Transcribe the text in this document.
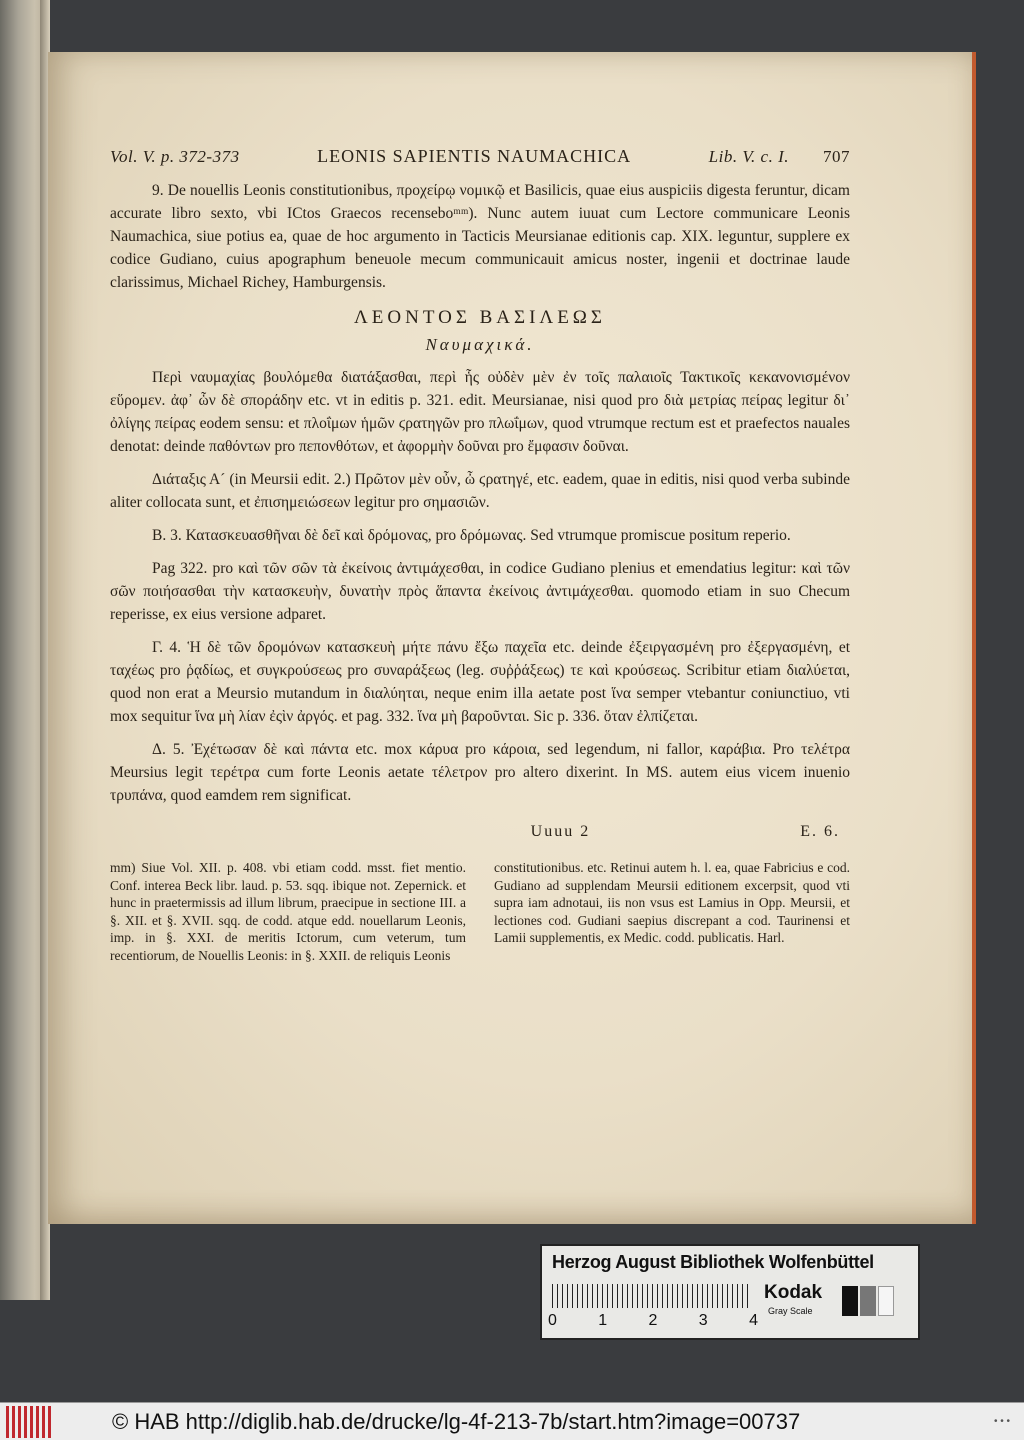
Vol. V. p. 372-373	LEONIS SAPIENTIS NAUMACHICA	Lib. V. c. I. 707

9. De nouellis Leonis constitutionibus, προχείρῳ νομικῷ et Basilicis, quae eius auspiciis digesta feruntur, dicam accurate libro sexto, vbi ICtos Graecos recenseboᵐᵐ). Nunc autem iuuat cum Lectore communicare Leonis Naumachica, siue potius ea, quae de hoc argumento in Tacticis Meursianae editionis cap. XIX. leguntur, supplere ex codice Gudiano, cuius apographum beneuole mecum communicauit amicus noster, ingenii et doctrinae laude clarissimus, Michael Richey, Hamburgensis.

ΛΕΟΝΤΟΣ ΒΑΣΙΛΕΩΣ
Ναυμαχικά.

Περὶ ναυμαχίας βουλόμεθα διατάξασθαι, περὶ ἧς οὐδὲν μὲν ἐν τοῖς παλαιοῖς Τακτικοῖς κεκανονισμένον εὕρομεν. ἀφ᾽ ὧν δὲ σποράδην etc. vt in editis p. 321. edit. Meursianae, nisi quod pro διὰ μετρίας πείρας legitur δι᾽ ὀλίγης πείρας eodem sensu: et πλοΐμων ἡμῶν ϛρατηγῶν pro πλωΐμων, quod vtrumque rectum est et praefectos nauales denotat: deinde παθόντων pro πεπονθότων, et ἀφορμὴν δοῦναι pro ἔμφασιν δοῦναι.

Διάταξις Α´ (in Meursii edit. 2.) Πρῶτον μὲν οὖν, ὦ ϛρατηγέ, etc. eadem, quae in editis, nisi quod verba subinde aliter collocata sunt, et ἐπισημειώσεων legitur pro σημασιῶν.

Β. 3. Κατασκευασθῆναι δὲ δεῖ καὶ δρόμονας, pro δρόμωνας. Sed vtrumque promiscue positum reperio.

Pag 322. pro καὶ τῶν σῶν τὰ ἐκείνοις ἀντιμάχεσθαι, in codice Gudiano plenius et emendatius legitur: καὶ τῶν σῶν ποιήσασθαι τὴν κατασκευὴν, δυνατὴν πρὸς ἅπαντα ἐκείνοις ἀντιμάχεσθαι. quomodo etiam in suo Checum reperisse, ex eius versione adparet.

Γ. 4. Ἡ δὲ τῶν δρομόνων κατασκευὴ μήτε πάνυ ἔξω παχεῖα etc. deinde ἐξειργασμένη pro ἐξεργασμένη, et ταχέως pro ῥᾳδίως, et συγκρούσεως pro συναράξεως (leg. συῤῥάξεως) τε καὶ κρούσεως. Scribitur etiam διαλύεται, quod non erat a Meursio mutandum in διαλύηται, neque enim illa aetate post ἵνα semper vtebantur coniunctiuo, vti mox sequitur ἵνα μὴ λίαν ἐςὶν ἀργός. et pag. 332. ἵνα μὴ βαροῦνται. Sic p. 336. ὅταν ἐλπίζεται.

Δ. 5. Ἐχέτωσαν δὲ καὶ πάντα etc. mox κάρυα pro κάροια, sed legendum, ni fallor, καράβια. Pro τελέτρα Meursius legit τερέτρα cum forte Leonis aetate τέλετρον pro altero dixerint. In MS. autem eius vicem inuenio τρυπάνα, quod eamdem rem significat.

Uuuu 2	E. 6.
mm) Siue Vol. XII. p. 408. vbi etiam codd. msst. fiet mentio. Conf. interea Beck libr. laud. p. 53. sqq. ibique not. Zepernick. et hunc in praetermissis ad illum librum, praecipue in sectione III. a §. XII. et §. XVII. sqq. de codd. atque edd. nouellarum Leonis, imp. in §. XXI. de meritis Ictorum, cum veterum, tum recentiorum, de Nouellis Leonis: in §. XXII. de reliquis Leonis
constitutionibus. etc. Retinui autem h. l. ea, quae Fabricius e cod. Gudiano ad supplendam Meursii editionem excerpsit, quod vti supra iam adnotaui, iis non vsus est Lamius in Opp. Meursii, et lectiones cod. Gudiani saepius discrepant a cod. Taurinensi et Lamii supplementis, ex Medic. codd. publicatis. Harl.
Herzog August Bibliothek Wolfenbüttel
0	1	2	3	4
Kodak
Gray Scale
© HAB http://diglib.hab.de/drucke/lg-4f-213-7b/start.htm?image=00737	• • •
